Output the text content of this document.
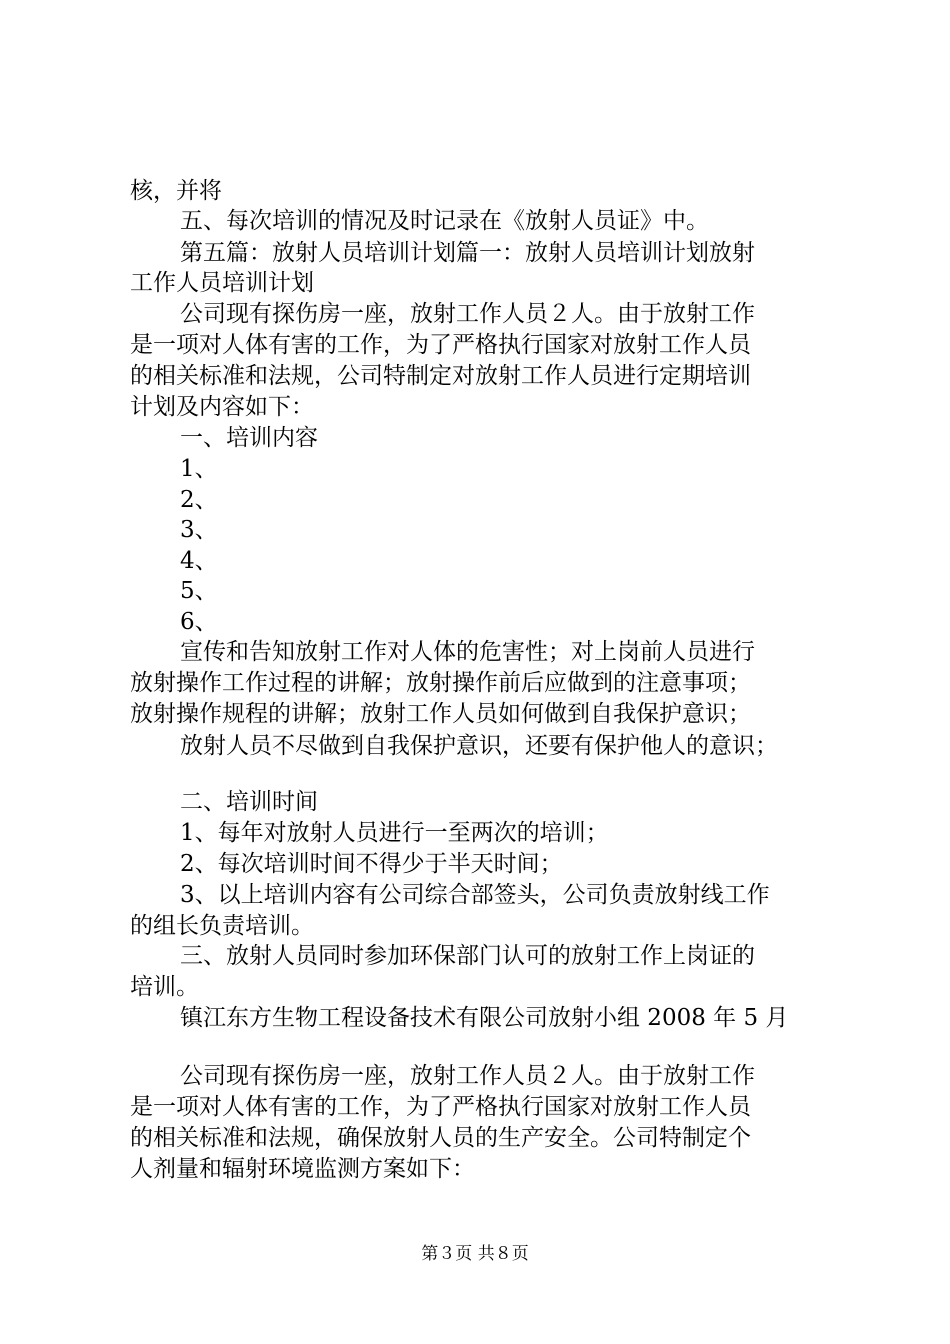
核，并将
五、每次培训的情况及时记录在《放射人员证》中。
第五篇：放射人员培训计划篇一：放射人员培训计划放射
工作人员培训计划
公司现有探伤房一座，放射工作人员２人。由于放射工作
是一项对人体有害的工作，为了严格执行国家对放射工作人员
的相关标准和法规，公司特制定对放射工作人员进行定期培训
计划及内容如下：
一、培训内容
1、
2、
3、
4、
5、
6、
宣传和告知放射工作对人体的危害性；对上岗前人员进行
放射操作工作过程的讲解；放射操作前后应做到的注意事项；
放射操作规程的讲解；放射工作人员如何做到自我保护意识；
放射人员不尽做到自我保护意识，还要有保护他人的意识；
二、培训时间
1、每年对放射人员进行一至两次的培训；
2、每次培训时间不得少于半天时间；
3、以上培训内容有公司综合部签头，公司负责放射线工作
的组长负责培训。
三、放射人员同时参加环保部门认可的放射工作上岗证的
培训。
镇江东方生物工程设备技术有限公司放射小组 2008 年 5 月
公司现有探伤房一座，放射工作人员２人。由于放射工作
是一项对人体有害的工作，为了严格执行国家对放射工作人员
的相关标准和法规，确保放射人员的生产安全。公司特制定个
人剂量和辐射环境监测方案如下：
第３页 共８页
